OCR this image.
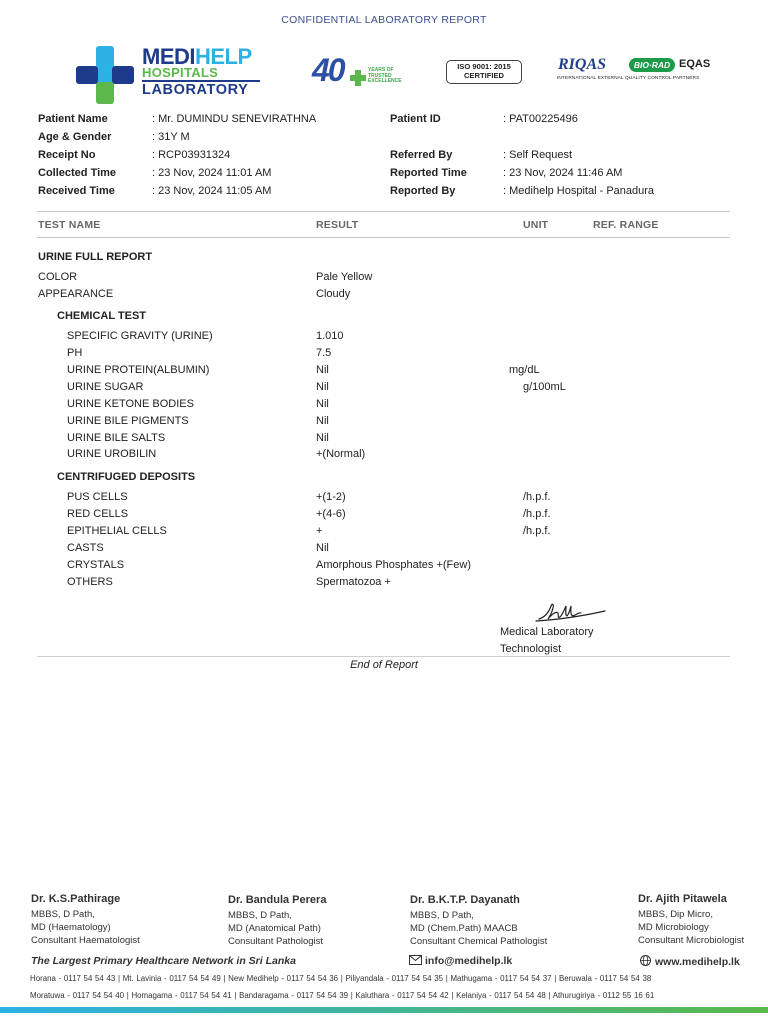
CONFIDENTIAL LABORATORY REPORT
MEDIHELP
HOSPITALS
LABORATORY
40	YEARS OF
TRUSTED
EXCELLENCE
ISO 9001: 2015
CERTIFIED
RIQAS	BIO·RAD EQAS
INTERNATIONAL EXTERNAL QUALITY CONTROL PARTNERS
Patient Name	: Mr. DUMINDU SENEVIRATHNA
Age & Gender	: 31Y M
Receipt No	: RCP03931324
Collected Time	: 23 Nov, 2024 11:01 AM
Received Time	: 23 Nov, 2024 11:05 AM
Patient ID	: PAT00225496
Referred By	: Self Request
Reported Time	: 23 Nov, 2024 11:46 AM
Reported By	: Medihelp Hospital - Panadura
TEST NAME	RESULT	UNIT	REF. RANGE
URINE FULL REPORT
COLOR	Pale Yellow
APPEARANCE	Cloudy
CHEMICAL TEST
SPECIFIC GRAVITY (URINE)	1.010
PH	7.5
URINE PROTEIN(ALBUMIN)	Nil	mg/dL
URINE SUGAR	Nil	g/100mL
URINE KETONE BODIES	Nil
URINE BILE PIGMENTS	Nil
URINE BILE SALTS	Nil
URINE UROBILIN	+(Normal)
CENTRIFUGED DEPOSITS
PUS CELLS	+(1-2)	/h.p.f.
RED CELLS	+(4-6)	/h.p.f.
EPITHELIAL CELLS	+	/h.p.f.
CASTS	Nil
CRYSTALS	Amorphous Phosphates +(Few)
OTHERS	Spermatozoa +
Medical Laboratory
Technologist
End of Report
Dr. K.S.Pathirage
MBBS, D Path,
MD (Haematology)
Consultant Haematologist
Dr. Bandula Perera
MBBS, D Path,
MD (Anatomical Path)
Consultant Pathologist
Dr. B.K.T.P. Dayanath
MBBS, D Path,
MD (Chem.Path) MAACB
Consultant Chemical Pathologist
Dr. Ajith Pitawela
MBBS, Dip Micro,
MD Microbiology
Consultant Microbiologist
The Largest Primary Healthcare Network in Sri Lanka	info@medihelp.lk	www.medihelp.lk
Horana - 0117 54 54 43 | Mt. Lavinia - 0117 54 54 49 | New Medihelp - 0117 54 54 36 | Piliyandala - 0117 54 54 35 | Mathugama - 0117 54 54 37 | Beruwala - 0117 54 54 38
Moratuwa - 0117 54 54 40 | Homagama - 0117 54 54 41 | Bandaragama - 0117 54 54 39 | Kaluthara - 0117 54 54 42 | Kelaniya - 0117 54 54 48 | Athurugiriya - 0112 55 16 61
